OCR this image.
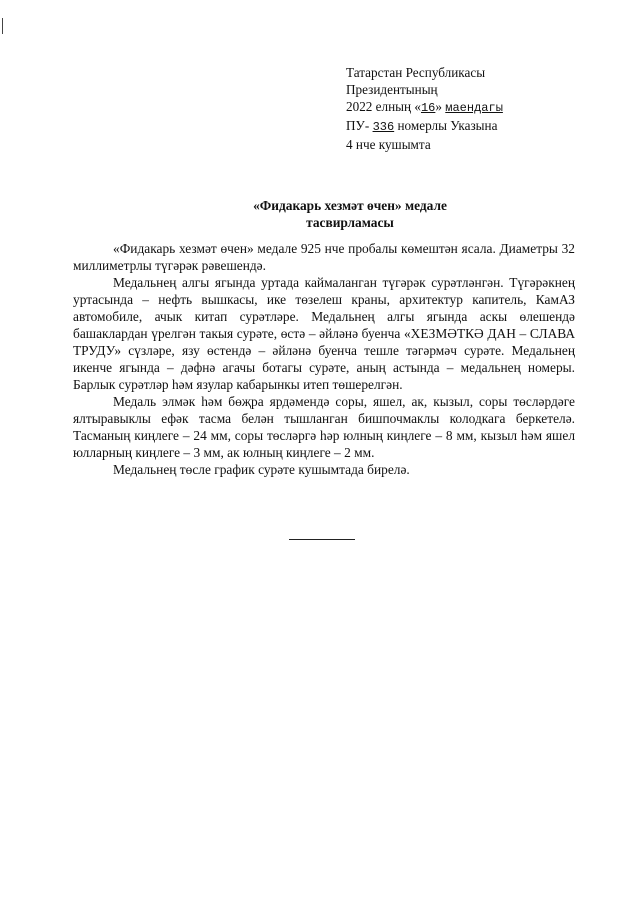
Татарстан Республикасы
Президентының
2022 елның «16» маендагы
ПУ- 336 номерлы Указына
4 нче кушымта
«Фидакарь хезмәт өчен» медале
тасвирламасы

«Фидакарь хезмәт өчен» медале 925 нче пробалы көмештән ясала. Диаметры 32 миллиметрлы түгәрәк рәвешендә.

Медальнең алгы ягында уртада каймаланган түгәрәк сурәтләнгән. Түгәрәкнең уртасында – нефть вышкасы, ике төзелеш краны, архитектур капитель, КамАЗ автомобиле, ачык китап сурәтләре. Медальнең алгы ягында аскы өлешендә башаклардан үрелгән такыя сурәте, өстә – әйләнә буенча «ХЕЗМӘТКӘ ДАН – СЛАВА ТРУДУ» сүзләре, язу өстендә – әйләнә буенча тешле тәгәрмәч сурәте. Медальнең икенче ягында – дәфнә агачы ботагы сурәте, аның астында – медальнең номеры. Барлык сурәтләр һәм язулар кабарынкы итеп төшерелгән.

Медаль элмәк һәм бөҗра ярдәмендә соры, яшел, ак, кызыл, соры төсләрдәге ялтыравыклы ефәк тасма белән тышланган бишпочмаклы колодкага беркетелә. Тасманың киңлеге – 24 мм, соры төсләргә һәр юлның киңлеге – 8 мм, кызыл һәм яшел юлларның киңлеге – 3 мм, ак юлның киңлеге – 2 мм.

Медальнең төсле график сурәте кушымтада бирелә.
